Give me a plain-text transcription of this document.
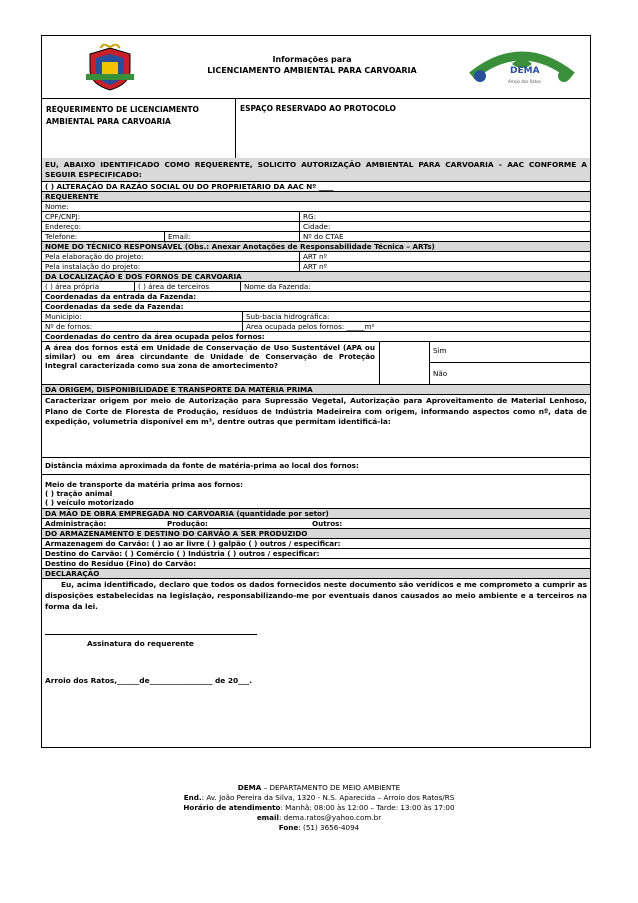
Informações para
LICENCIAMENTO AMBIENTAL PARA CARVOARIA	DEMA
Departamento de Meio Ambiente
Arroio dos Ratos
REQUERIMENTO DE LICENCIAMENTO AMBIENTAL PARA CARVOARIA
ESPAÇO RESERVADO AO PROTOCOLO
EU, ABAIXO IDENTIFICADO COMO REQUERENTE, SOLICITO AUTORIZAÇÃO AMBIENTAL PARA CARVOARIA – AAC CONFORME A SEGUIR ESPECIFICADO:
( ) ALTERAÇÃO DA RAZÃO SOCIAL OU DO PROPRIETÁRIO DA AAC Nº ____
REQUERENTE
Nome:
CPF/CNPJ:	RG:
Endereço:	Cidade:
Telefone:	Email:	Nº do CTAE
NOME DO TÉCNICO RESPONSÁVEL (Obs.: Anexar Anotações de Responsabilidade Técnica – ARTs)
Pela elaboração do projeto:	ART nº
Pela instalação do projeto:	ART nº
DA LOCALIZAÇÃO E DOS FORNOS DE CARVOARIA
( ) área própria	( ) área de terceiros	Nome da Fazenda:
Coordenadas da entrada da Fazenda:
Coordenadas da sede da Fazenda:
Município:	Sub-bacia hidrográfica:
Nº de fornos:	Area ocupada pelos fornos: _____m²
Coordenadas do centro da área ocupada pelos fornos:
A área dos fornos está em Unidade de Conservação de Uso Sustentável (APA ou similar) ou em área circundante de Unidade de Conservação de Proteção Integral caracterizada como sua zona de amortecimento?
Sim
Não
DA ORIGEM, DISPONIBILIDADE E TRANSPORTE DA MATÉRIA PRIMA
Caracterizar origem por meio de Autorização para Supressão Vegetal, Autorização para Aproveitamento de Material Lenhoso, Plano de Corte de Floresta de Produção, resíduos de Indústria Madeireira com origem, informando aspectos como nº, data de expedição, volumetria disponível em m³, dentre outras que permitam identificá-la:
Distância máxima aproximada da fonte de matéria-prima ao local dos fornos:
Meio de transporte da matéria prima aos fornos:
( ) tração animal
( ) veículo motorizado
DA MÃO DE OBRA EMPREGADA NO CARVOARIA (quantidade por setor)
Administração:	Produção:	Outros:
DO ARMAZENAMENTO E DESTINO DO CARVÃO A SER PRODUZIDO
Armazenagem do Carvão: ( ) ao ar livre ( ) galpão ( ) outros / especificar:
Destino do Carvão: ( ) Comércio ( ) Indústria ( ) outros / especificar:
Destino do Resíduo (Fino) do Carvão:
DECLARAÇÃO
Eu, acima identificado, declaro que todos os dados fornecidos neste documento são verídicos e me comprometo a cumprir as disposições estabelecidas na legislação, responsabilizando-me por eventuais danos causados ao meio ambiente e a terceiros na forma da lei.
Assinatura do requerente
Arroio dos Ratos,______de_________________ de 20___.
DEMA – DEPARTAMENTO DE MEIO AMBIENTE
End.: Av. João Pereira da Silva, 1320 - N.S. Aparecida – Arroio dos Ratos/RS
Horário de atendimento: Manhã: 08:00 às 12:00 – Tarde: 13:00 às 17:00
email: dema.ratos@yahoo.com.br
Fone: (51) 3656-4094
